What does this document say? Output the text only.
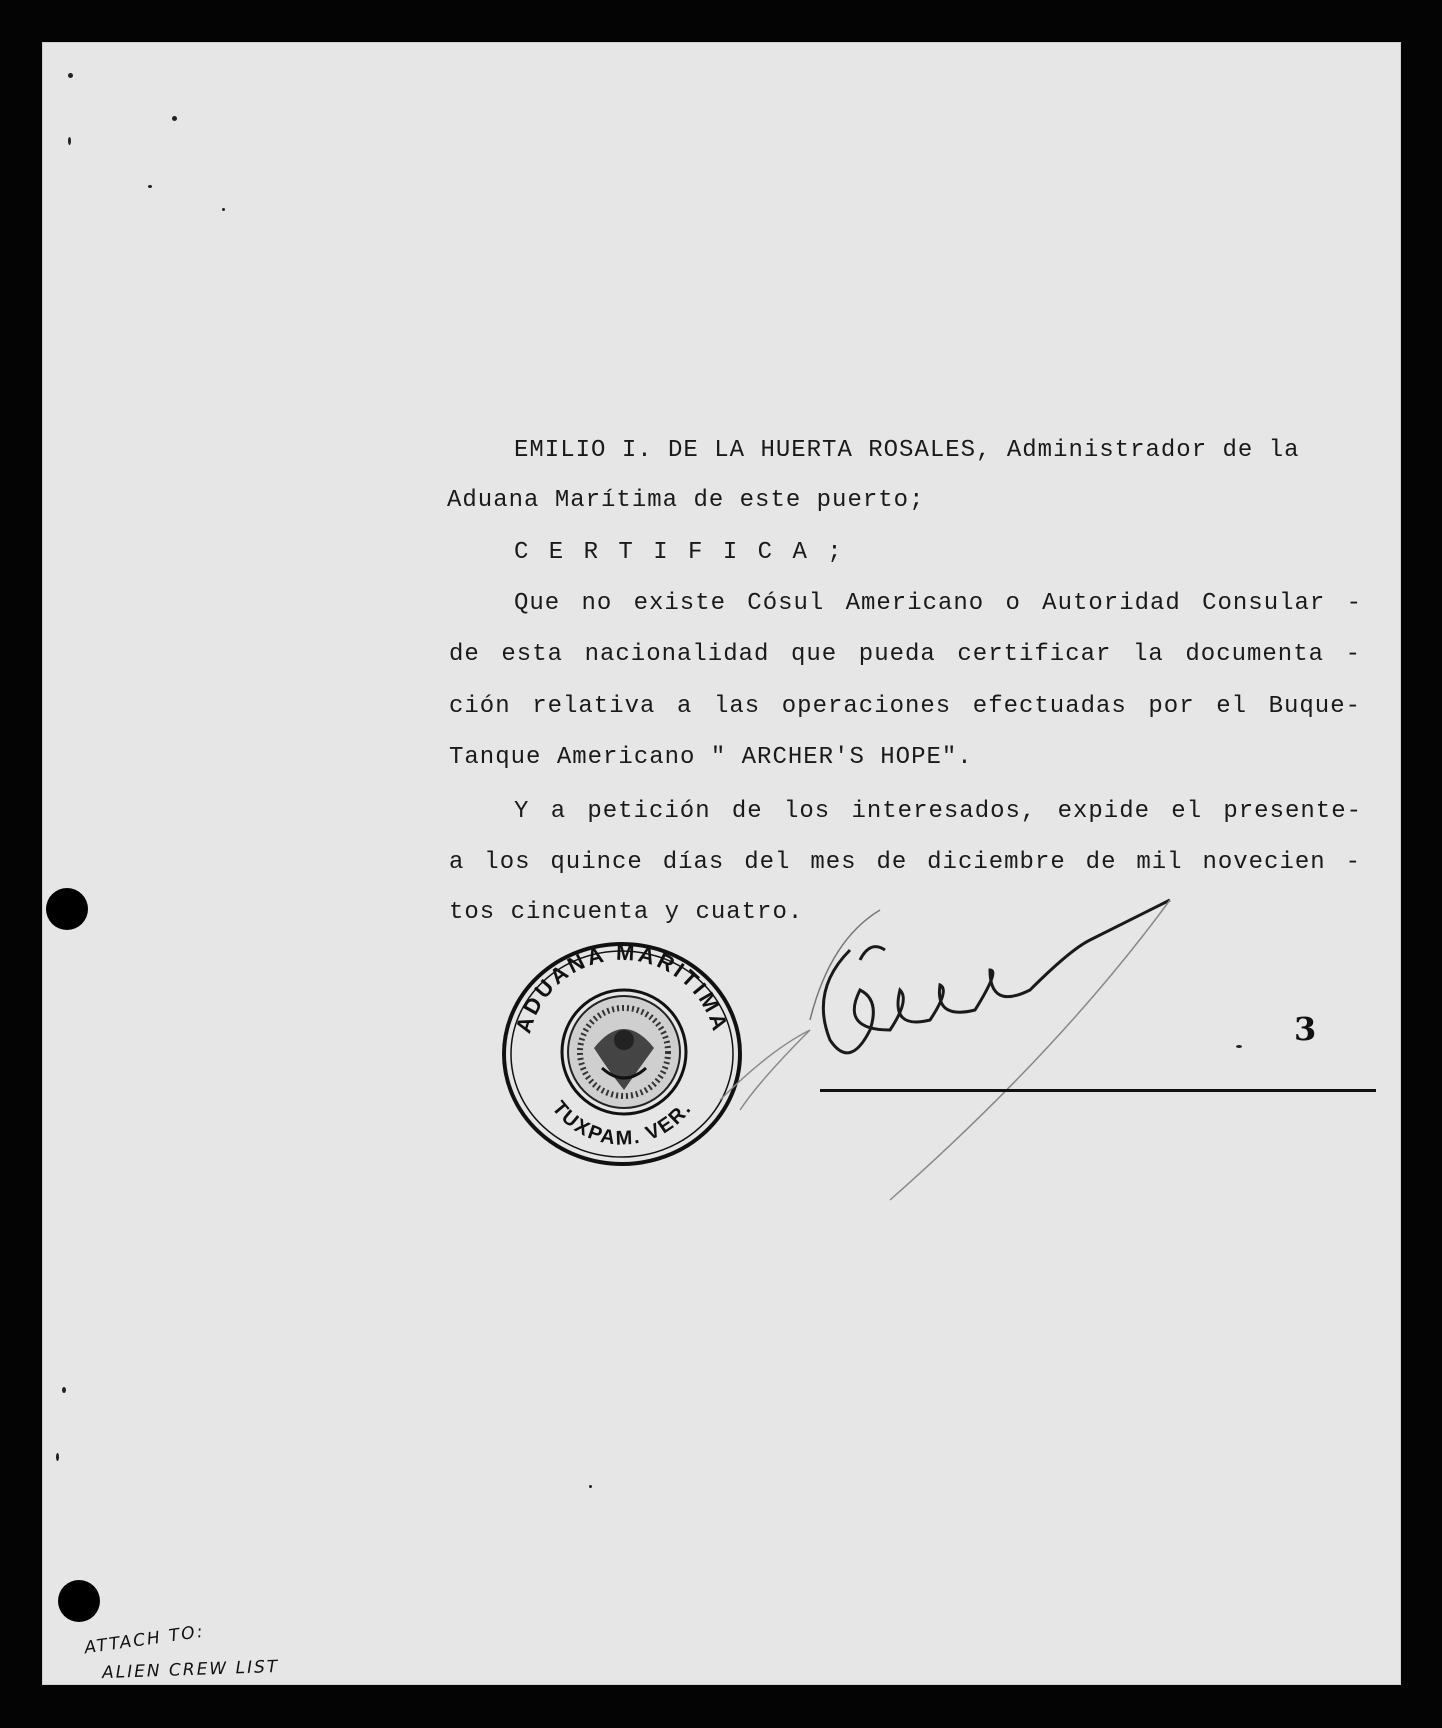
EMILIO I. DE LA HUERTA ROSALES, Administrador de la
Aduana Marítima de este puerto;
C E R T I F I C A ;
Que no existe Cósul Americano o Autoridad Consular -
de esta nacionalidad que pueda certificar la documenta -
ción relativa a las operaciones efectuadas por el Buque-
Tanque Americano " ARCHER'S HOPE".
Y a petición de los interesados, expide el presente-
a los quince días del mes de diciembre de mil novecien -
tos cincuenta y cuatro.
ADUANA MARITIMA
TUXPAM. VER.
3
ATTACH TO:
ALIEN CREW LIST
